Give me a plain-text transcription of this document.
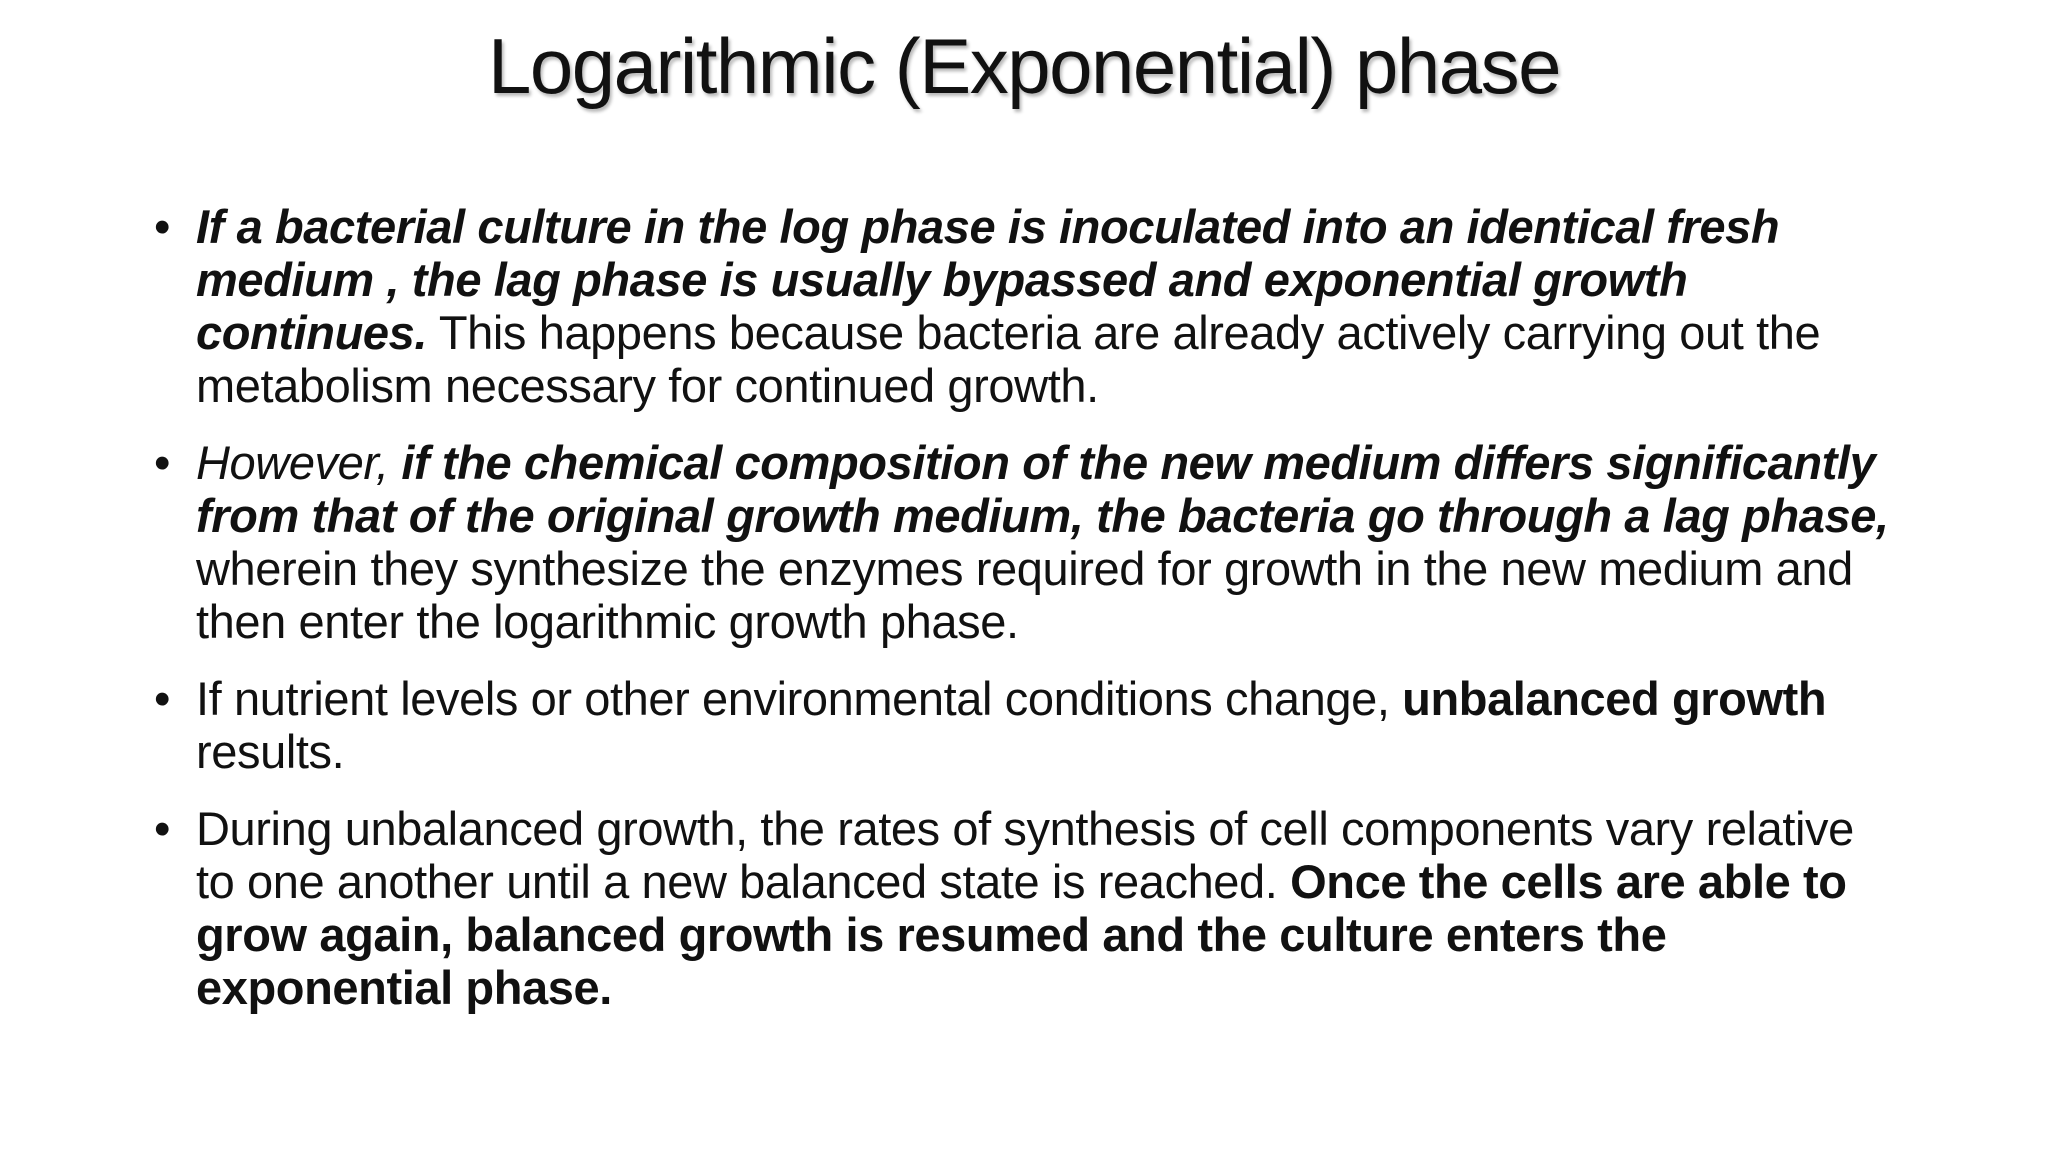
Logarithmic (Exponential) phase
• If a bacterial culture in the log phase is inoculated into an identical fresh medium , the lag phase is usually bypassed and exponential growth continues. This happens because bacteria are already actively carrying out the metabolism necessary for continued growth.
• However, if the chemical composition of the new medium differs significantly from that of the original growth medium, the bacteria go through a lag phase, wherein they synthesize the enzymes required for growth in the new medium and then enter the logarithmic growth phase.
• If nutrient levels or other environmental conditions change, unbalanced growth results.
• During unbalanced growth, the rates of synthesis of cell components vary relative to one another until a new balanced state is reached. Once the cells are able to grow again, balanced growth is resumed and the culture enters the exponential phase.
